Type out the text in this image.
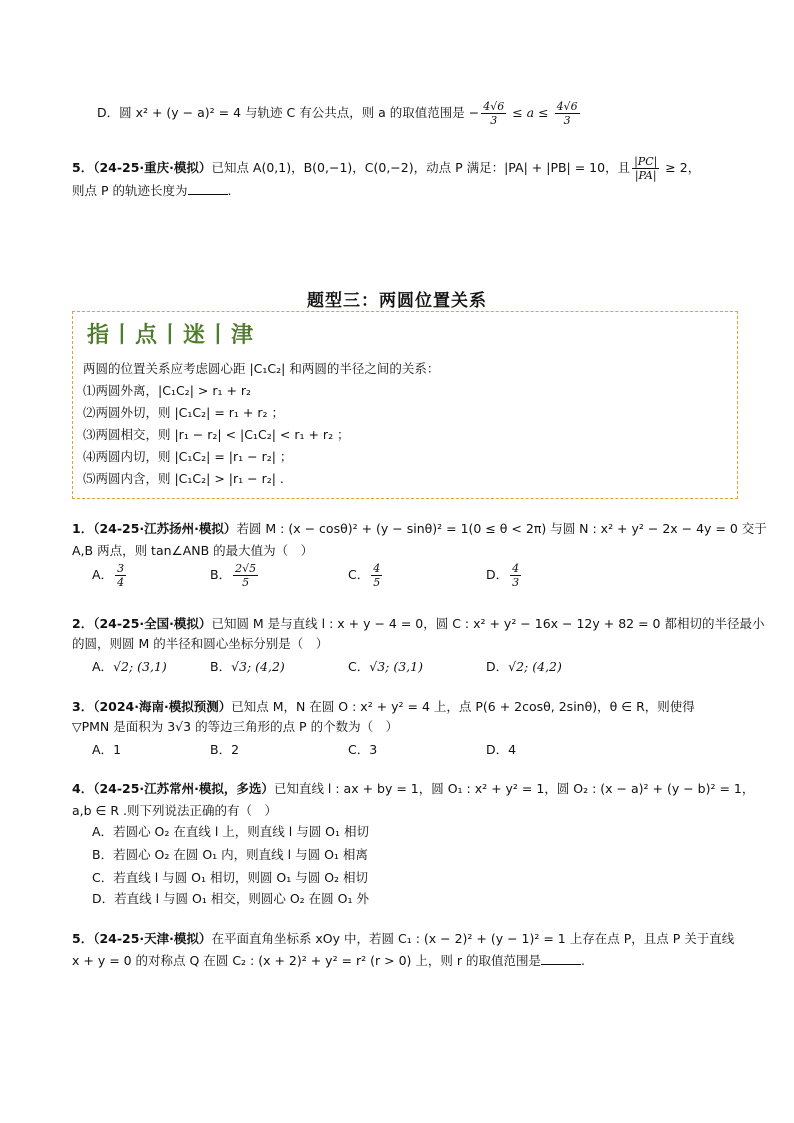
D．圆 x² + (y − a)² = 4 与轨迹 C 有公共点，则 a 的取值范围是 − $\frac{4√6}{3} \le a \le \frac{4√6}{3}$
5．（24-25·重庆·模拟）已知点 A(0,1)，B(0,−1)，C(0,−2)，动点 P 满足：|PA| + |PB| = 10，且 $\frac{|PC|}{|PA|} \ge 2$，
则点 P 的轨迹长度为	.
题型三：两圆位置关系
指丨点丨迷丨津
两圆的位置关系应考虑圆心距 |C₁C₂| 和两圆的半径之间的关系：
⑴两圆外离，|C₁C₂| > r₁ + r₂
⑵两圆外切，则 |C₁C₂| = r₁ + r₂ ；
⑶两圆相交，则 |r₁ − r₂| < |C₁C₂| < r₁ + r₂ ；
⑷两圆内切，则 |C₁C₂| = |r₁ − r₂| ；
⑸两圆内含，则 |C₁C₂| > |r₁ − r₂| .
1．（24-25·江苏扬州·模拟）若圆 M : (x − cosθ)² + (y − sinθ)² = 1(0 ≤ θ < 2π) 与圆 N : x² + y² − 2x − 4y = 0 交于
A,B 两点，则 tan∠ANB 的最大值为（　）
A． $\frac{3}{4}$	B． $\frac{2√5}{5}$	C． $\frac{4}{5}$	D． $\frac{4}{3}$
2．（24-25·全国·模拟）已知圆 M 是与直线 l : x + y − 4 = 0，圆 C : x² + y² − 16x − 12y + 82 = 0 都相切的半径最小
的圆，则圆 M 的半径和圆心坐标分别是（　）
A．√2; (3,1)	B．√3; (4,2)	C．√3; (3,1)	D．√2; (4,2)
3．（2024·海南·模拟预测）已知点 M，N 在圆 O : x² + y² = 4 上，点 P(6 + 2cosθ, 2sinθ)，θ ∈ R，则使得
▽PMN 是面积为 3√3 的等边三角形的点 P 的个数为（　）
A．1	B．2	C．3	D．4
4．（24-25·江苏常州·模拟，多选）已知直线 l : ax + by = 1，圆 O₁ : x² + y² = 1，圆 O₂ : (x − a)² + (y − b)² = 1，
a,b ∈ R .则下列说法正确的有（　）
A．若圆心 O₂ 在直线 l 上，则直线 l 与圆 O₁ 相切
B．若圆心 O₂ 在圆 O₁ 内，则直线 l 与圆 O₁ 相离
C．若直线 l 与圆 O₁ 相切，则圆 O₁ 与圆 O₂ 相切
D．若直线 l 与圆 O₁ 相交，则圆心 O₂ 在圆 O₁ 外
5．（24-25·天津·模拟）在平面直角坐标系 xOy 中，若圆 C₁ : (x − 2)² + (y − 1)² = 1 上存在点 P，且点 P 关于直线
x + y = 0 的对称点 Q 在圆 C₂ : (x + 2)² + y² = r² (r > 0) 上，则 r 的取值范围是	.
